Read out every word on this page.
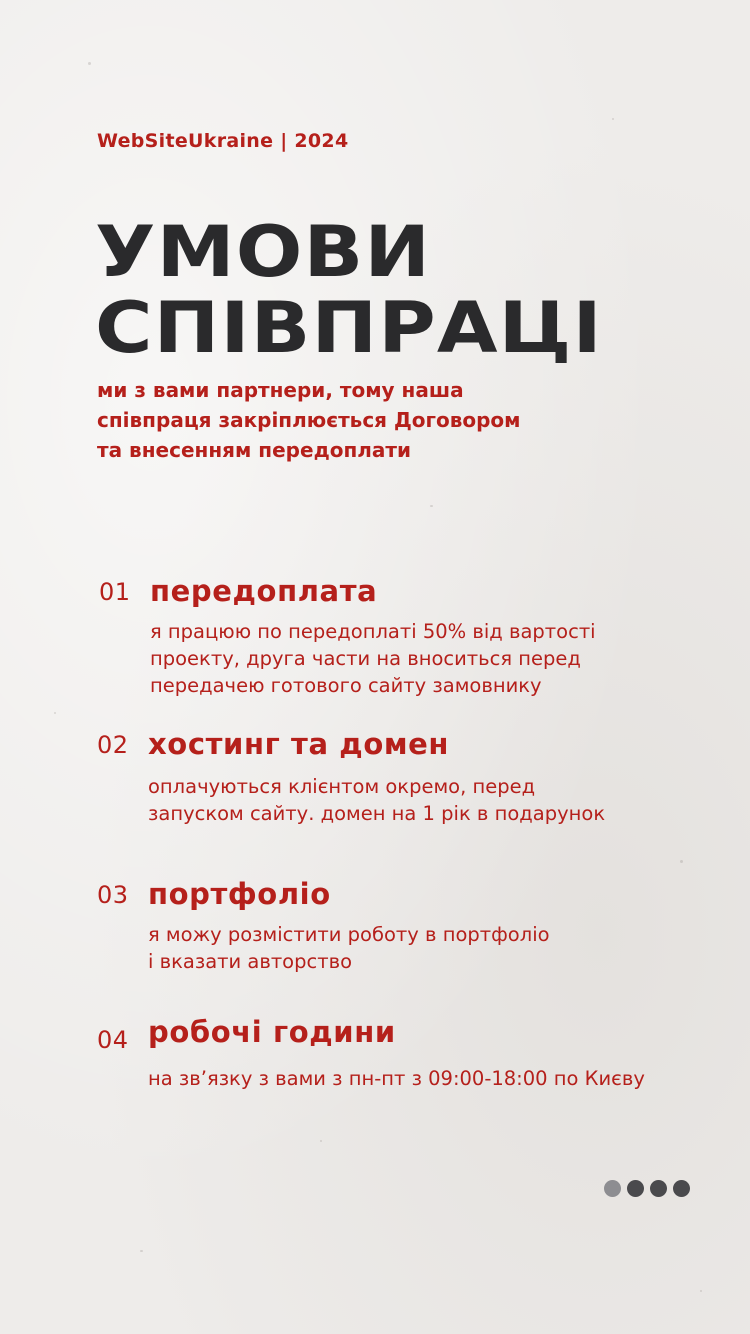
WebSiteUkraine | 2024
УМОВИ
СПІВПРАЦІ
ми з вами партнери, тому наша
співпраця закріплюється Договором
та внесенням передоплати
01 передоплата
я працюю по передоплаті 50% від вартості
проекту, друга части на вноситься перед
передачею готового сайту замовнику
02 хостинг та домен
оплачуються клієнтом окремо, перед
запуском сайту. домен на 1 рік в подарунок
03 портфоліо
я можу розмістити роботу в портфоліо
і вказати авторство
04 робочі години
на зв’язку з вами з пн-пт з 09:00-18:00 по Києву
